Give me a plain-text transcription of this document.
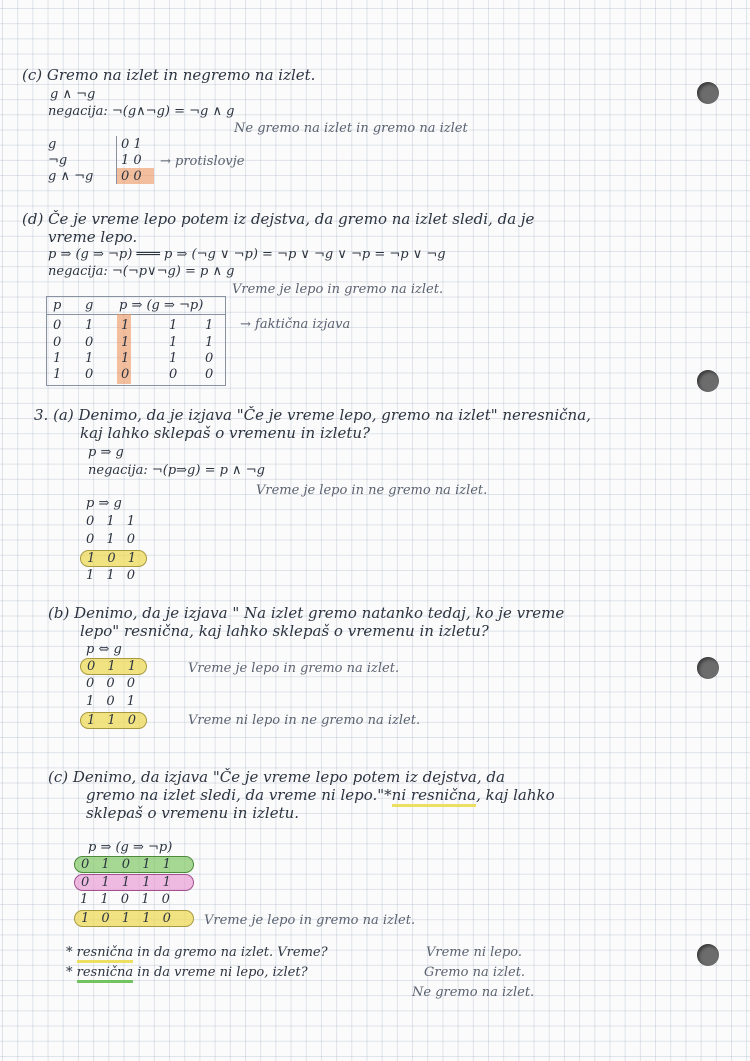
(c) Gremo na izlet in negremo na izlet.
g ∧ ¬g
negacija: ¬(g∧¬g) = ¬g ∧ g
Ne gremo na izlet in gremo na izlet
g	0 1
¬g	1 0
g ∧ ¬g	0 0
→ protislovje
(d) Če je vreme lepo potem iz dejstva, da gremo na izlet sledi, da je
vreme lepo.
p ⇒ (g ⇒ ¬p) ═══ p ⇒ (¬g ∨ ¬p) = ¬p ∨ ¬g ∨ ¬p = ¬p ∨ ¬g
negacija: ¬(¬p∨¬g) = p ∧ g
Vreme je lepo in gremo na izlet.
p g p ⇒ (g ⇒ ¬p)
0 1 1	1 1
0 0 1	1 1
1 1 1	1 0
1 0 0	0 0
→ faktična izjava
3. (a) Denimo, da je izjava "Če je vreme lepo, gremo na izlet" neresnična,
kaj lahko sklepaš o vremenu in izletu?
p ⇒ g
negacija: ¬(p⇒g) = p ∧ ¬g
Vreme je lepo in ne gremo na izlet.
p ⇒ g
0 1 1
0 1 0
1 0 1
1 1 0
(b) Denimo, da je izjava " Na izlet gremo natanko tedaj, ko je vreme
lepo" resnična, kaj lahko sklepaš o vremenu in izletu?
p ⇔ g
0 1 1	Vreme je lepo in gremo na izlet.
0 0 0
1 0 1
1 1 0	Vreme ni lepo in ne gremo na izlet.
(c) Denimo, da izjava "Če je vreme lepo potem iz dejstva, da
gremo na izlet sledi, da vreme ni lepo."*ni resnična, kaj lahko
sklepaš o vremenu in izletu.
p ⇒ (g ⇒ ¬p)
0 1 0 1 1
0 1 1 1 1
1 1 0 1 0
1 0 1 1 0	Vreme je lepo in gremo na izlet.
* resnična in da gremo na izlet. Vreme?	Vreme ni lepo.
* resnična in da vreme ni lepo, izlet?	Gremo na izlet.
Ne gremo na izlet.
